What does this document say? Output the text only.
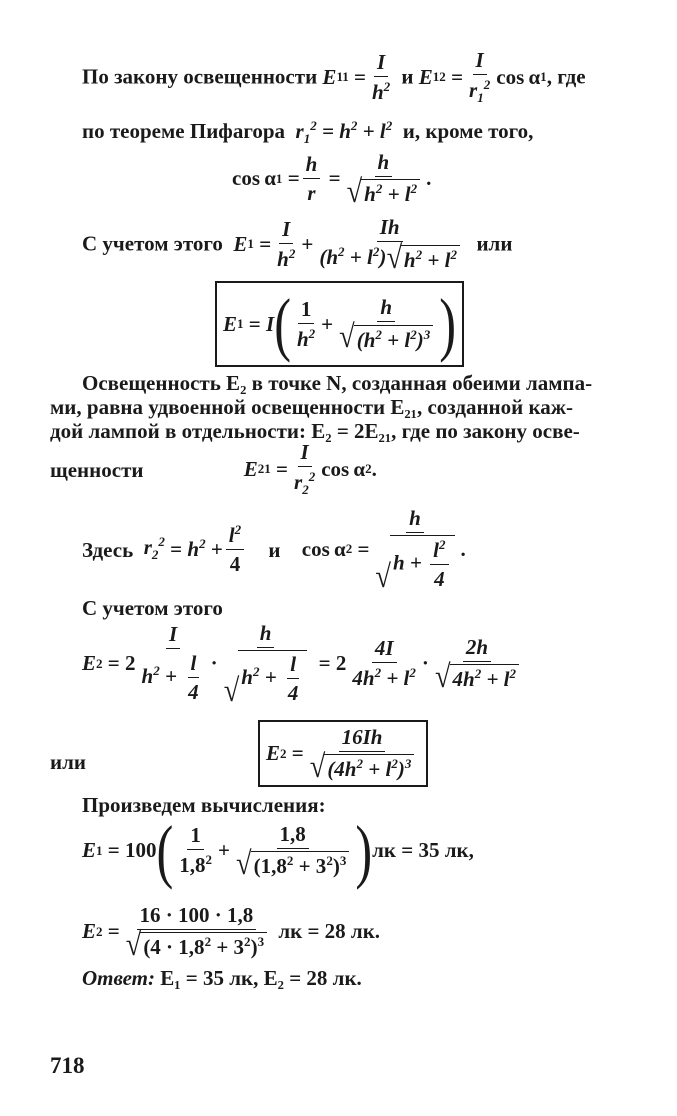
По закону освещенности E $11 = \frac{I}{h^2}$ и E $12 = \frac{I}{r_1^2}$ cos α 1 , где
по теореме Пифагора $r_1^2 = h^2 + l^2$ и, кроме того,
cos α $1 = \frac{h}{r} = \frac{h}{√ h^2 + l^2}$ .
С учетом этого E $1 = \frac{I}{h^2} + \frac{Ih}{(h^2 + l^2) √ h^2 + l^2}$ или
E 1 = I ( $\frac{1}{h^2} + \frac{h}{√ (h^2 + l^2)^3}$ )
Освещенность E₂ в точке N, созданная обеими лампа-
ми, равна удвоенной освещенности E₂₁, созданной каж-
дой лампой в отдельности: E₂ = 2E₂₁, где по закону осве-
щенности	E $21 = \frac{I}{r_2^2}$ cos α 2 .
Здесь $r_2^2 = h^2 + \frac{l^2}{4}$ и cos α $2 = \frac{h}{√ h + \frac{l^2}{4}}$ .
С учетом этого
E $2 = 2 \frac{I}{h^2 + \frac{l}{4}} \cdot \frac{h}{√ h^2 + \frac{l}{4}} = 2 \frac{4I}{4h^2 + l^2} \cdot \frac{2h}{√ 4h^2 + l^2}$
или	E $2 = \frac{16Ih}{√ (4h^2 + l^2)^3}$
Произведем вычисления:
E 1 = 100 ( $\frac{1}{1,8^2} + \frac{1,8}{√ (1,8^2 + 3^2)^3}$ ) лк = 35 лк,
E $2 = \frac{16 \cdot 100 \cdot 1,8}{√ (4 \cdot 1,8^2 + 3^2)^3}$
лк = 28 лк.
Ответ: E₁ = 35 лк, E₂ = 28 лк.
718
